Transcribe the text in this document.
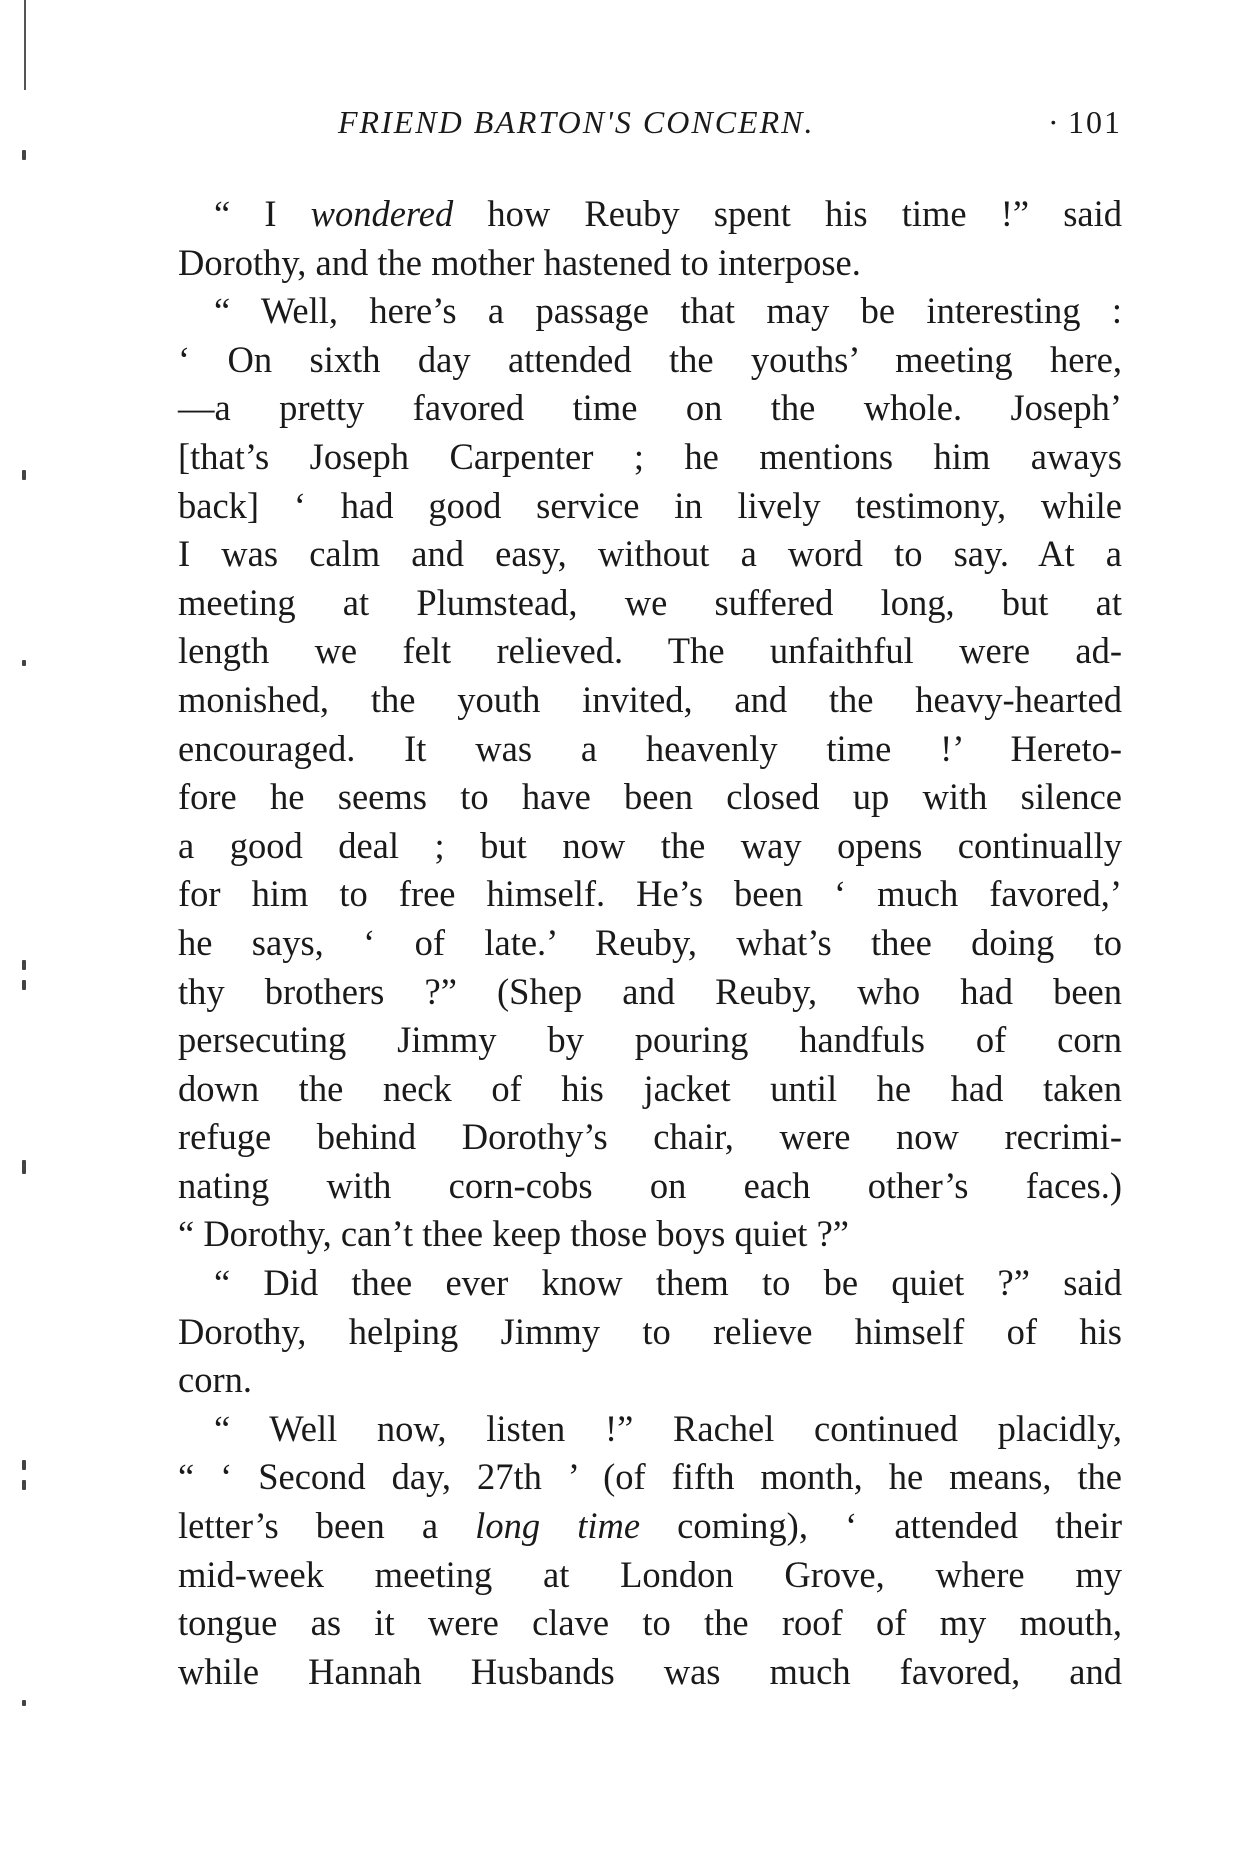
FRIEND BARTON'S CONCERN.	· 101
“ I wondered how Reuby spent his time !” said
Dorothy, and the mother hastened to interpose.
“ Well, here’s a passage that may be interesting :
‘ On sixth day attended the youths’ meeting here,
—a pretty favored time on the whole. Joseph’
[that’s Joseph Carpenter ; he mentions him aways
back] ‘ had good service in lively testimony, while
I was calm and easy, without a word to say. At a
meeting at Plumstead, we suffered long, but at
length we felt relieved. The unfaithful were ad-
monished, the youth invited, and the heavy-hearted
encouraged. It was a heavenly time !’ Hereto-
fore he seems to have been closed up with silence
a good deal ; but now the way opens continually
for him to free himself. He’s been ‘ much favored,’
he says, ‘ of late.’ Reuby, what’s thee doing to
thy brothers ?” (Shep and Reuby, who had been
persecuting Jimmy by pouring handfuls of corn
down the neck of his jacket until he had taken
refuge behind Dorothy’s chair, were now recrimi-
nating with corn-cobs on each other’s faces.)
“ Dorothy, can’t thee keep those boys quiet ?”
“ Did thee ever know them to be quiet ?” said
Dorothy, helping Jimmy to relieve himself of his
corn.
“ Well now, listen !” Rachel continued placidly,
“ ‘ Second day, 27th ’ (of fifth month, he means, the
letter’s been a long time coming), ‘ attended their
mid-week meeting at London Grove, where my
tongue as it were clave to the roof of my mouth,
while Hannah Husbands was much favored, and
